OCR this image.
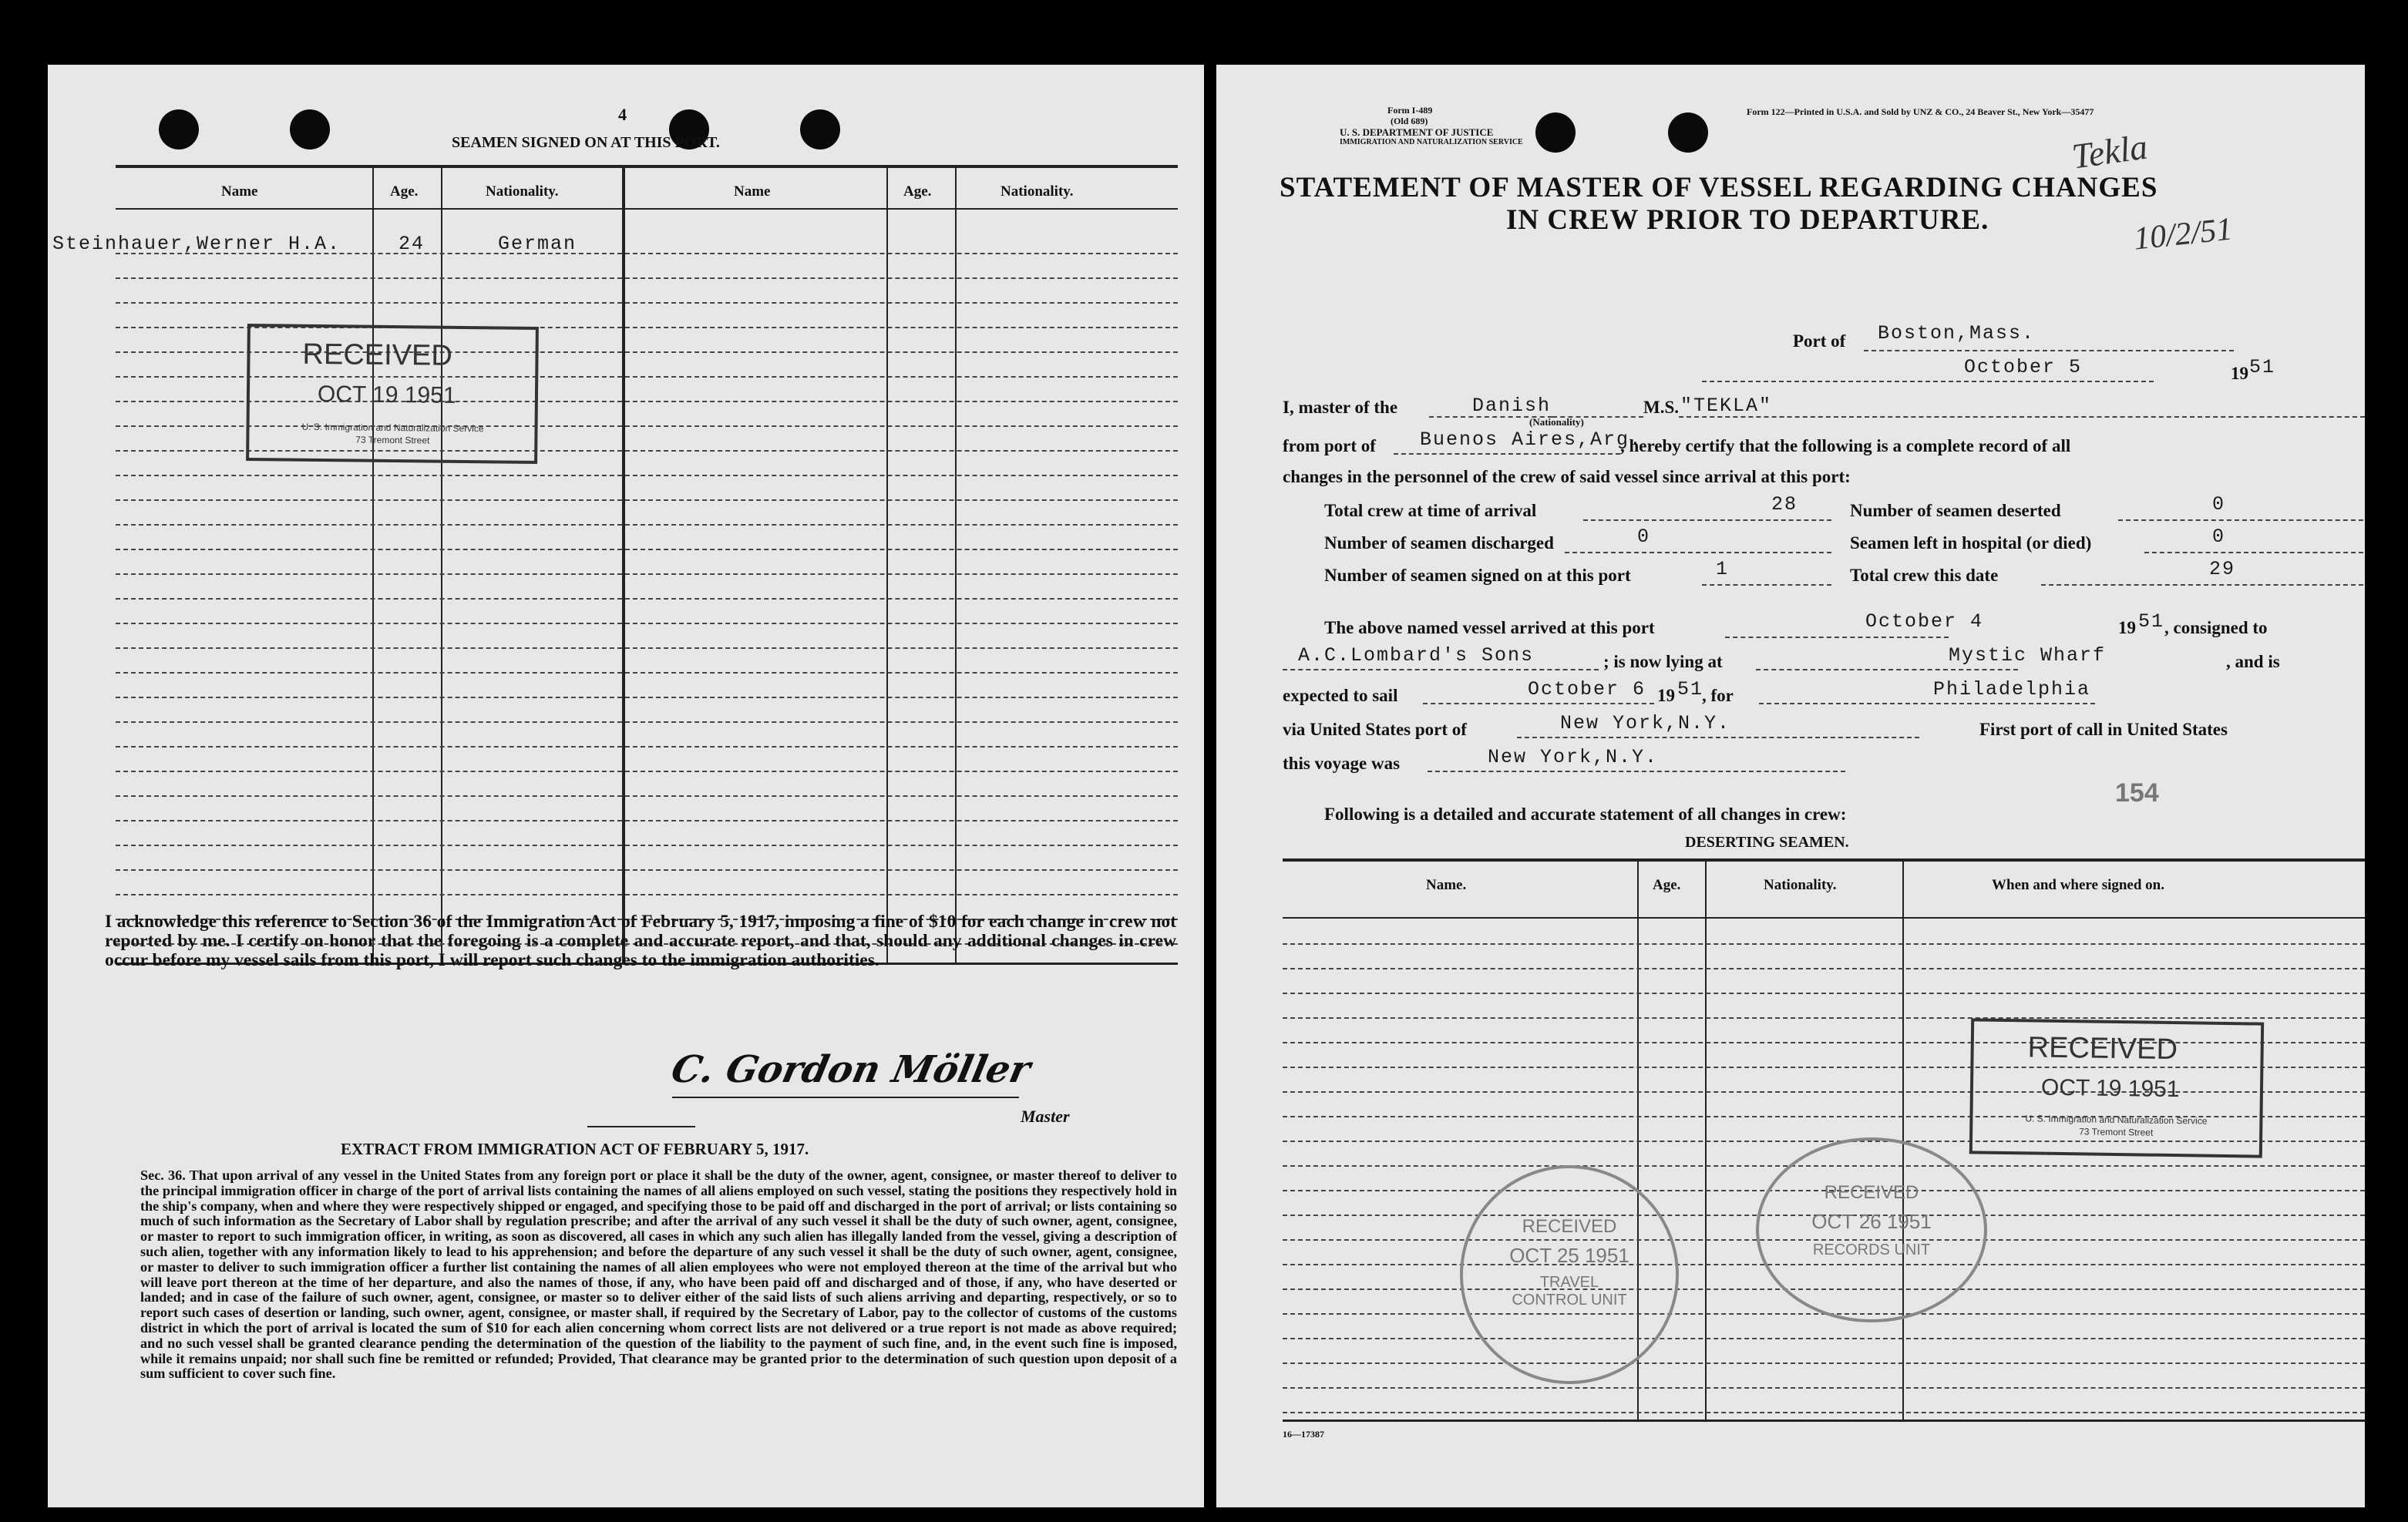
4
SEAMEN SIGNED ON AT THIS PORT.
Name	Age.	Nationality.	Name	Age.	Nationality.
Steinhauer,Werner H.A.	24	German
RECEIVED
OCT 19 1951
U. S. Immigration and Naturalization Service
73 Tremont Street
I acknowledge this reference to Section 36 of the Immigration Act of February 5, 1917, imposing a fine of $10 for each change in crew not reported by me. I certify on honor that the foregoing is a complete and accurate report, and that, should any additional changes in crew occur before my vessel sails from this port, I will report such changes to the immigration authorities.
C. Gordon Möller
Master
EXTRACT FROM IMMIGRATION ACT OF FEBRUARY 5, 1917.
Sec. 36. That upon arrival of any vessel in the United States from any foreign port or place it shall be the duty of the owner, agent, consignee, or master thereof to deliver to the principal immigration officer in charge of the port of arrival lists containing the names of all aliens employed on such vessel, stating the positions they respectively hold in the ship's company, when and where they were respectively shipped or engaged, and specifying those to be paid off and discharged in the port of arrival; or lists containing so much of such information as the Secretary of Labor shall by regulation prescribe; and after the arrival of any such vessel it shall be the duty of such owner, agent, consignee, or master to report to such immigration officer, in writing, as soon as discovered, all cases in which any such alien has illegally landed from the vessel, giving a description of such alien, together with any information likely to lead to his apprehension; and before the departure of any such vessel it shall be the duty of such owner, agent, consignee, or master to deliver to such immigration officer a further list containing the names of all alien employees who were not employed thereon at the time of the arrival but who will leave port thereon at the time of her departure, and also the names of those, if any, who have been paid off and discharged and of those, if any, who have deserted or landed; and in case of the failure of such owner, agent, consignee, or master so to deliver either of the said lists of such aliens arriving and departing, respectively, or so to report such cases of desertion or landing, such owner, agent, consignee, or master shall, if required by the Secretary of Labor, pay to the collector of customs of the customs district in which the port of arrival is located the sum of $10 for each alien concerning whom correct lists are not delivered or a true report is not made as above required; and no such vessel shall be granted clearance pending the determination of the question of the liability to the payment of such fine, and, in the event such fine is imposed, while it remains unpaid; nor shall such fine be remitted or refunded; Provided, That clearance may be granted prior to the determination of such question upon deposit of a sum sufficient to cover such fine.
Form I-489
(Old 689)
U. S. DEPARTMENT OF JUSTICE
IMMIGRATION AND NATURALIZATION SERVICE
Form 122—Printed in U.S.A. and Sold by UNZ & CO., 24 Beaver St., New York—35477
Tekla
10/2/51
STATEMENT OF MASTER OF VESSEL REGARDING CHANGES
IN CREW PRIOR TO DEPARTURE.
Port of Boston,Mass.
October 5	19 51
I, master of the	Danish
(Nationality)
M.S. "TEKLA"
from port of Buenos Aires,Arg.
, hereby certify that the following is a complete record of all
changes in the personnel of the crew of said vessel since arrival at this port:
Total crew at time of arrival	28	Number of seamen deserted	0
Number of seamen discharged	0	Seamen left in hospital (or died)	0
Number of seamen signed on at this port	1	Total crew this date	29
The above named vessel arrived at this port	October 4	19 51 , consigned to
A.C.Lombard's Sons	; is now lying at	Mystic Wharf	, and is
expected to sail	October 6 19 51
, for	Philadelphia
via United States port of	New York,N.Y.	First port of call in United States
this voyage was	New York,N.Y.
154
Following is a detailed and accurate statement of all changes in crew:
DESERTING SEAMEN.
Name.	Age.	Nationality.	When and where signed on.
RECEIVED
OCT 19 1951
U. S. Immigration and Naturalization Service
73 Tremont Street
RECEIVED
OCT 25 1951
TRAVEL CONTROL UNIT
RECEIVED
OCT 26 1951
RECORDS UNIT
16—17387
